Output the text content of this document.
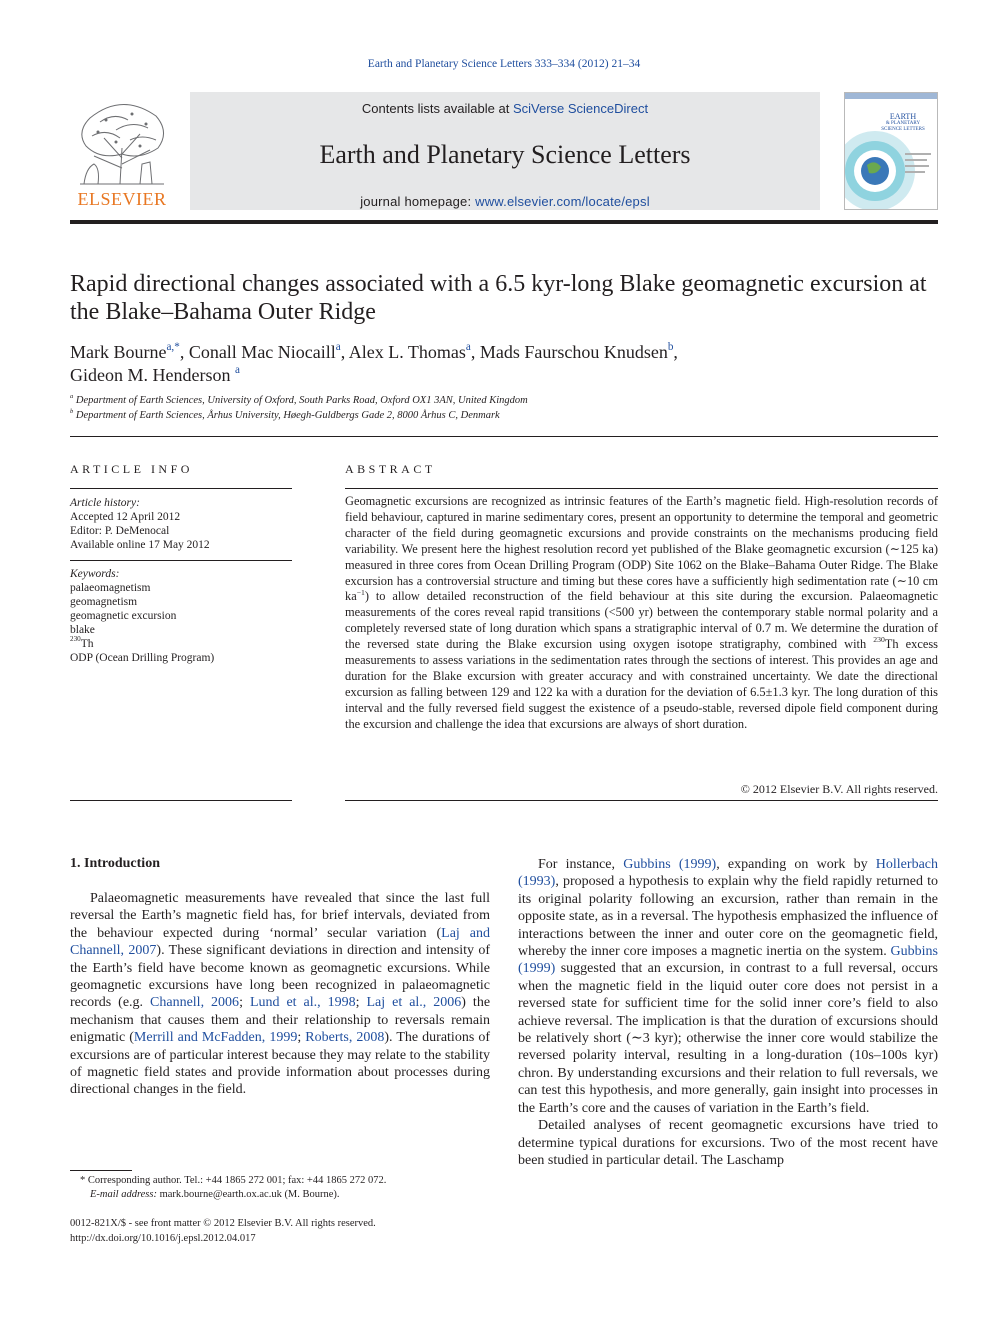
Earth and Planetary Science Letters 333–334 (2012) 21–34
ELSEVIER
Contents lists available at SciVerse ScienceDirect
Earth and Planetary Science Letters
journal homepage: www.elsevier.com/locate/epsl
EARTH
& PLANETARY
SCIENCE LETTERS
Rapid directional changes associated with a 6.5 kyr-long Blake geomagnetic excursion at the Blake–Bahama Outer Ridge
Mark Bourne$^{a,*}$, Conall Mac Niocaill$^a$, Alex L. Thomas$^a$, Mads Faurschou Knudsen$^b$,
Gideon M. Henderson $^a$
$^a$ Department of Earth Sciences, University of Oxford, South Parks Road, Oxford OX1 3AN, United Kingdom
$^b$ Department of Earth Sciences, Århus University, Høegh-Guldbergs Gade 2, 8000 Århus C, Denmark
ARTICLE INFO	ABSTRACT
Article history:
Accepted 12 April 2012
Editor: P. DeMenocal
Available online 17 May 2012
Keywords:
palaeomagnetism
geomagnetism
geomagnetic excursion
blake
$^{230}$Th
ODP (Ocean Drilling Program)
Geomagnetic excursions are recognized as intrinsic features of the Earth’s magnetic field. High-resolution records of field behaviour, captured in marine sedimentary cores, present an opportunity to determine the temporal and geometric character of the field during geomagnetic excursions and provide constraints on the mechanisms producing field variability. We present here the highest resolution record yet published of the Blake geomagnetic excursion (∼125 ka) measured in three cores from Ocean Drilling Program (ODP) Site 1062 on the Blake–Bahama Outer Ridge. The Blake excursion has a controversial structure and timing but these cores have a sufficiently high sedimentation rate (∼10 cm $ka^{-1}$) to allow detailed reconstruction of the field behaviour at this site during the excursion. Palaeomagnetic measurements of the cores reveal rapid transitions (<500 yr) between the contemporary stable normal polarity and a completely reversed state of long duration which spans a stratigraphic interval of 0.7 m. We determine the duration of the reversed state during the Blake excursion using oxygen isotope stratigraphy, combined with $^{230}$Th excess measurements to assess variations in the sedimentation rates through the sections of interest. This provides an age and duration for the Blake excursion with greater accuracy and with constrained uncertainty. We date the directional excursion as falling between 129 and 122 ka with a duration for the deviation of 6.5±1.3 kyr. The long duration of this interval and the fully reversed field suggest the existence of a pseudo-stable, reversed dipole field component during the excursion and challenge the idea that excursions are always of short duration.
© 2012 Elsevier B.V. All rights reserved.
1. Introduction

Palaeomagnetic measurements have revealed that since the last full reversal the Earth’s magnetic field has, for brief intervals, deviated from the behaviour expected during ‘normal’ secular variation (Laj and Channell, 2007). These significant deviations in direction and intensity of the Earth’s field have become known as geomagnetic excursions. While geomagnetic excursions have long been recognized in palaeomagnetic records (e.g. Channell, 2006; Lund et al., 1998; Laj et al., 2006) the mechanism that causes them and their relationship to reversals remain enigmatic (Merrill and McFadden, 1999; Roberts, 2008). The durations of excursions are of particular interest because they may relate to the stability of magnetic field states and provide information about processes during directional changes in the field.

For instance, Gubbins (1999), expanding on work by Hollerbach (1993), proposed a hypothesis to explain why the field rapidly returned to its original polarity following an excursion, rather than remain in the opposite state, as in a reversal. The hypothesis emphasized the influence of interactions between the inner and outer core on the geomagnetic field, whereby the inner core imposes a magnetic inertia on the system. Gubbins (1999) suggested that an excursion, in contrast to a full reversal, occurs when the magnetic field in the liquid outer core does not persist in a reversed state for sufficient time for the solid inner core’s field to also achieve reversal. The implication is that the duration of excursions should be relatively short (∼3 kyr); otherwise the inner core would stabilize the reversed polarity interval, resulting in a long-duration (10s–100s kyr) chron. By understanding excursions and their relation to full reversals, we can test this hypothesis, and more generally, gain insight into processes in the Earth’s core and the causes of variation in the Earth’s field.

Detailed analyses of recent geomagnetic excursions have tried to determine typical durations for excursions. Two of the most recent have been studied in particular detail. The Laschamp

* Corresponding author. Tel.: +44 1865 272 001; fax: +44 1865 272 072.
E-mail address: mark.bourne@earth.ox.ac.uk (M. Bourne).
0012-821X/$ - see front matter © 2012 Elsevier B.V. All rights reserved.
http://dx.doi.org/10.1016/j.epsl.2012.04.017
